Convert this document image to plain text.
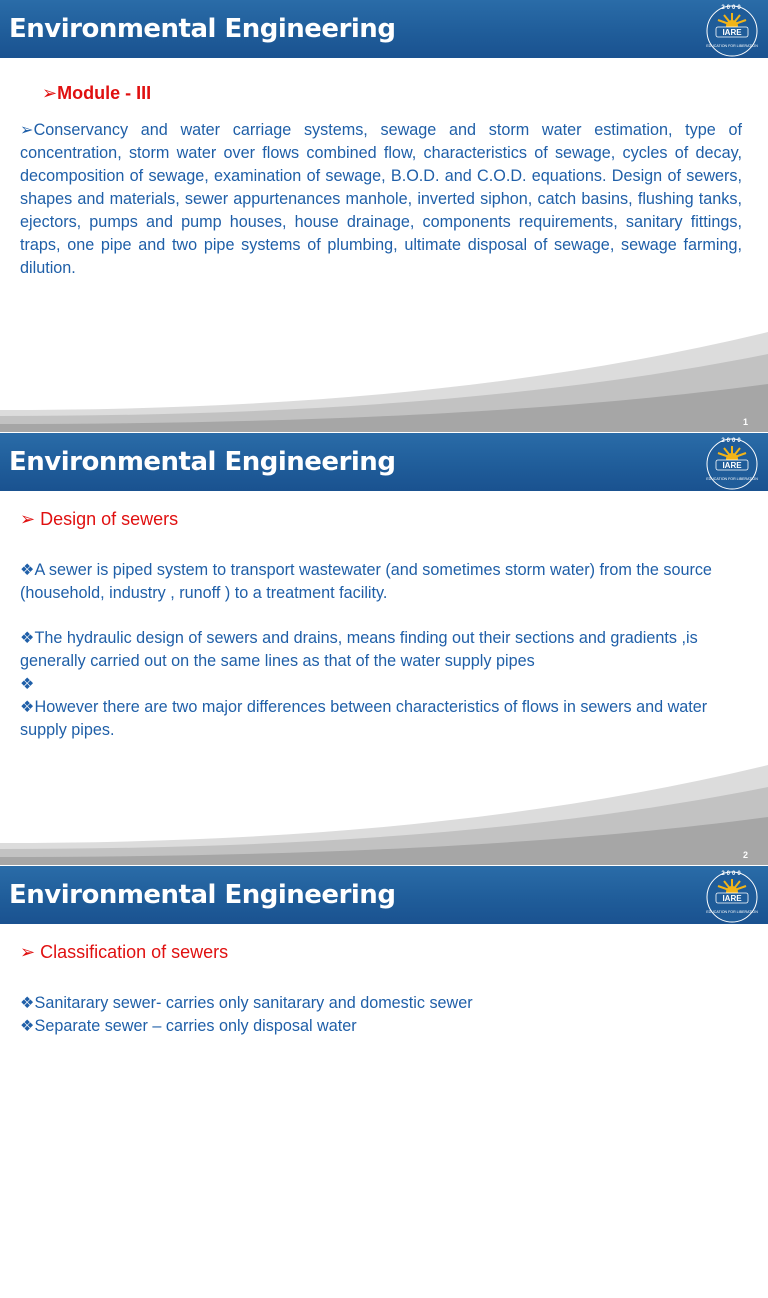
Environmental Engineering	IARE
2000
EDUCATION FOR LIBERATION
➢Module - III
➢Conservancy and water carriage systems, sewage and storm water estimation, type of concentration, storm water over flows combined flow, characteristics of sewage, cycles of decay, decomposition of sewage, examination of sewage, B.O.D. and C.O.D. equations. Design of sewers, shapes and materials, sewer appurtenances manhole, inverted siphon, catch basins, flushing tanks, ejectors, pumps and pump houses, house drainage, components requirements, sanitary fittings, traps, one pipe and two pipe systems of plumbing, ultimate disposal of sewage, sewage farming, dilution.
1
Environmental Engineering	IARE
2000
EDUCATION FOR LIBERATION
➢ Design of sewers

❖A sewer is piped system to transport wastewater (and sometimes storm water) from the source (household, industry , runoff ) to a treatment facility.

❖The hydraulic design of sewers and drains, means finding out their sections and gradients ,is generally carried out on the same lines as that of the water supply pipes

❖

❖However there are two major differences between characteristics of flows in sewers and water supply pipes.

2
Environmental Engineering	IARE
2000
EDUCATION FOR LIBERATION
➢ Classification of sewers

❖Sanitarary sewer- carries only sanitarary and domestic sewer

❖Separate sewer – carries only disposal water
